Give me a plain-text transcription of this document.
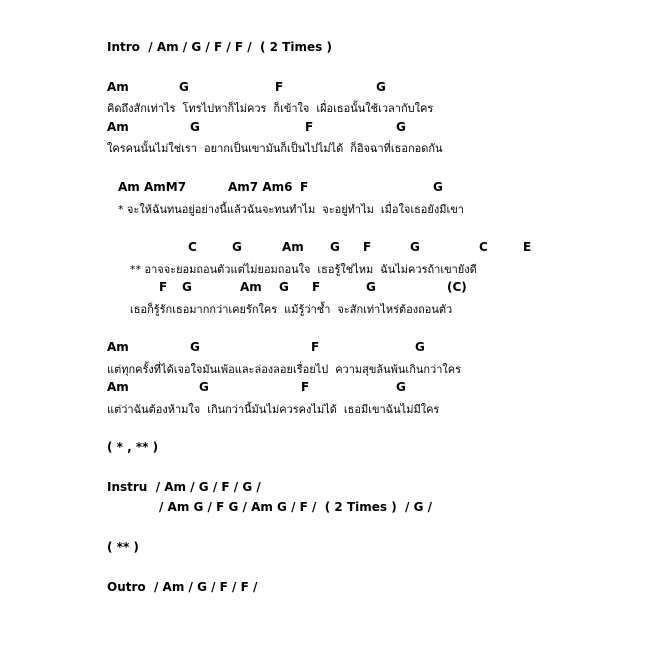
Intro  / Am / G / F / F /  ( 2 Times )
Am	G	F	G
คิดถึงสักเท่าไร  โทรไปหาก็ไม่ควร  ก็เข้าใจ  เผื่อเธอนั้นใช้เวลากับใคร
Am	G	F	G
ใครคนนั้นไม่ใช่เรา  อยากเป็นเขามันก็เป็นไปไม่ได้  ก็อิจฉาที่เธอกอดกัน
Am AmM7	Am7 Am6 F	G
* จะให้ฉันทนอยู่อย่างนี้แล้วฉันจะทนทำไม  จะอยู่ทำไม  เมื่อใจเธอยังมีเขา
C	G	Am G F	G	C	E
** อาจจะยอมถอนตัวแต่ไม่ยอมถอนใจ  เธอรู้ใช่ไหม  ฉันไม่ควรถ้าเขายังดี
F G	Am G F	G	(C)
เธอก็รู้รักเธอมากกว่าเคยรักใคร  แม้รู้ว่าช้ำ  จะสักเท่าไหร่ต้องถอนตัว
Am	G	F	G
แต่ทุกครั้งที่ได้เจอใจมันเพ้อและล่องลอยเรื่อยไป  ความสุขล้นพ้นเกินกว่าใคร
Am	G	F	G
แต่ว่าฉันต้องห้ามใจ  เกินกว่านี้มันไม่ควรคงไม่ได้  เธอมีเขาฉันไม่มีใคร
( * , ** )
Instru  / Am / G / F / G /
/ Am G / F G / Am G / F /  ( 2 Times )  / G /
( ** )
Outro  / Am / G / F / F /
